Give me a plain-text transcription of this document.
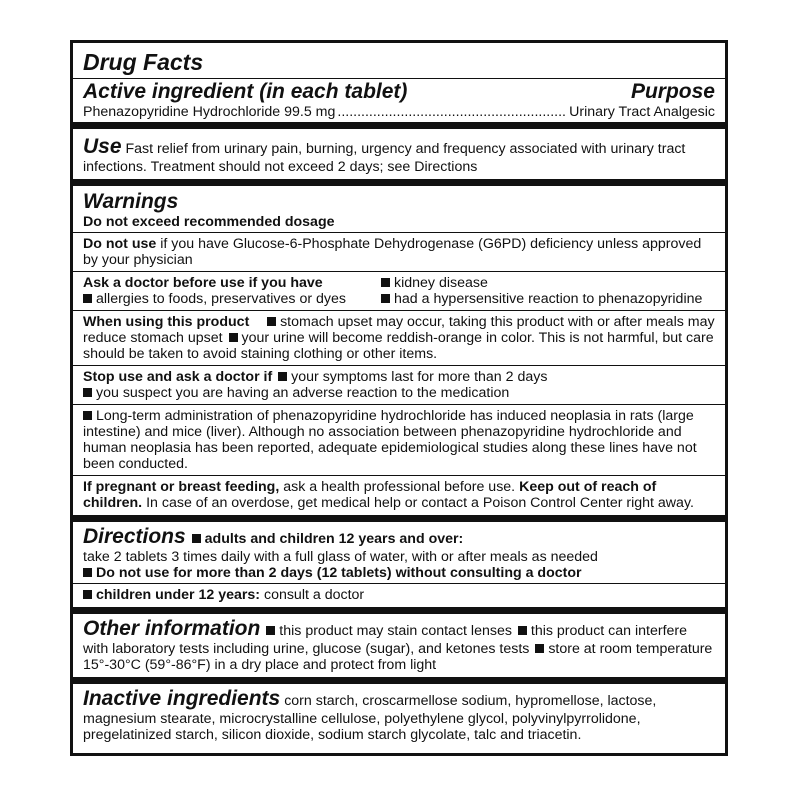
Drug Facts
Active ingredient (in each tablet)	Purpose
Phenazopyridine Hydrochloride 99.5 mg
.....	Urinary Tract Analgesic
Use Fast relief from urinary pain, burning, urgency and frequency associated with urinary tract infections. Treatment should not exceed 2 days; see Directions
Warnings
Do not exceed recommended dosage
Do not use if you have Glucose-6-Phosphate Dehydrogenase (G6PD) deficiency unless approved by your physician
Ask a doctor before use if you have	kidney disease
allergies to foods, preservatives or dyes	had a hypersensitive reaction to phenazopyridine
When using this product stomach upset may occur, taking this product with or after meals may reduce stomach upset your urine will become reddish-orange in color. This is not harmful, but care should be taken to avoid staining clothing or other items.
Stop use and ask a doctor if your symptoms last for more than 2 days
you suspect you are having an adverse reaction to the medication
Long-term administration of phenazopyridine hydrochloride has induced neoplasia in rats (large intestine) and mice (liver). Although no association between phenazopyridine hydrochloride and human neoplasia has been reported, adequate epidemiological studies along these lines have not been conducted.
If pregnant or breast feeding, ask a health professional before use. Keep out of reach of children. In case of an overdose, get medical help or contact a Poison Control Center right away.
Directions adults and children 12 years and over:
take 2 tablets 3 times daily with a full glass of water, with or after meals as needed
Do not use for more than 2 days (12 tablets) without consulting a doctor
children under 12 years: consult a doctor
Other information this product may stain contact lenses this product can interfere with laboratory tests including urine, glucose (sugar), and ketones tests store at room temperature 15°-30°C (59°-86°F) in a dry place and protect from light
Inactive ingredients corn starch, croscarmellose sodium, hypromellose, lactose, magnesium stearate, microcrystalline cellulose, polyethylene glycol, polyvinylpyrrolidone, pregelatinized starch, silicon dioxide, sodium starch glycolate, talc and triacetin.
